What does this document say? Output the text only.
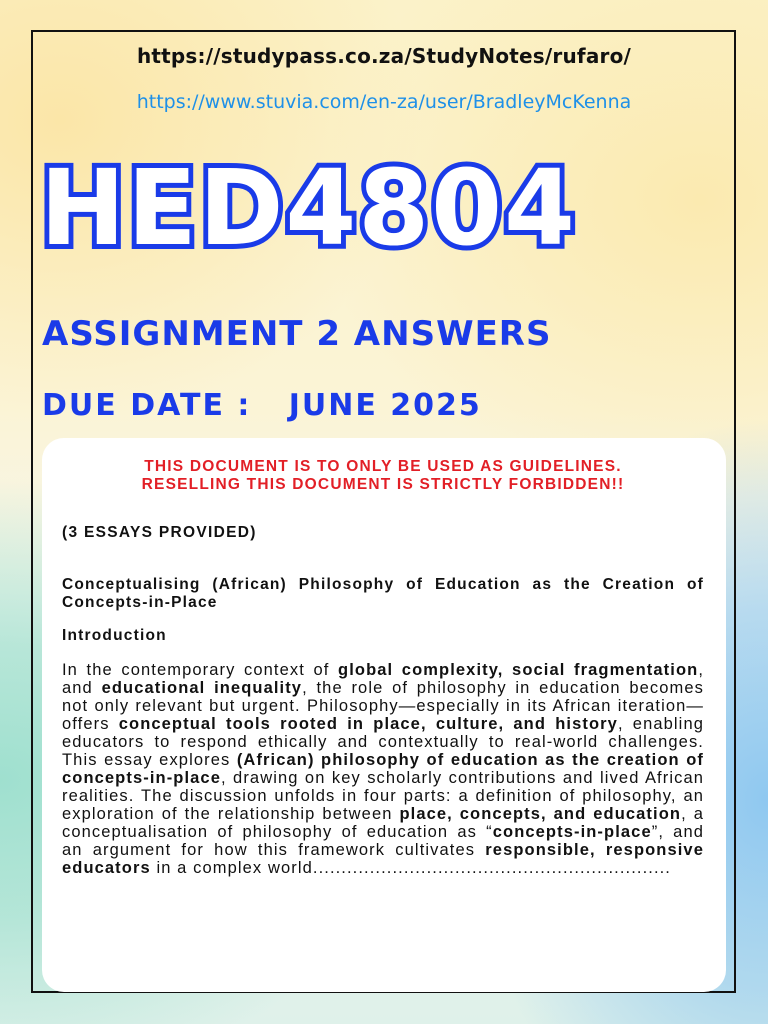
https://studypass.co.za/StudyNotes/rufaro/
https://www.stuvia.com/en-za/user/BradleyMcKenna
HED4804
ASSIGNMENT 2 ANSWERS
DUE DATE :   JUNE 2025
THIS DOCUMENT IS TO ONLY BE USED AS GUIDELINES.
RESELLING THIS DOCUMENT IS STRICTLY FORBIDDEN!!
(3 ESSAYS PROVIDED)
Conceptualising (African) Philosophy of Education as the Creation of Concepts-in-Place
Introduction
In the contemporary context of global complexity, social fragmentation, and educational inequality, the role of philosophy in education becomes not only relevant but urgent. Philosophy—especially in its African iteration—offers conceptual tools rooted in place, culture, and history, enabling educators to respond ethically and contextually to real-world challenges. This essay explores (African) philosophy of education as the creation of concepts-in-place, drawing on key scholarly contributions and lived African realities. The discussion unfolds in four parts: a definition of philosophy, an exploration of the relationship between place, concepts, and education, a conceptualisation of philosophy of education as “concepts-in-place”, and an argument for how this framework cultivates responsible, responsive educators in a complex world...............................................................
